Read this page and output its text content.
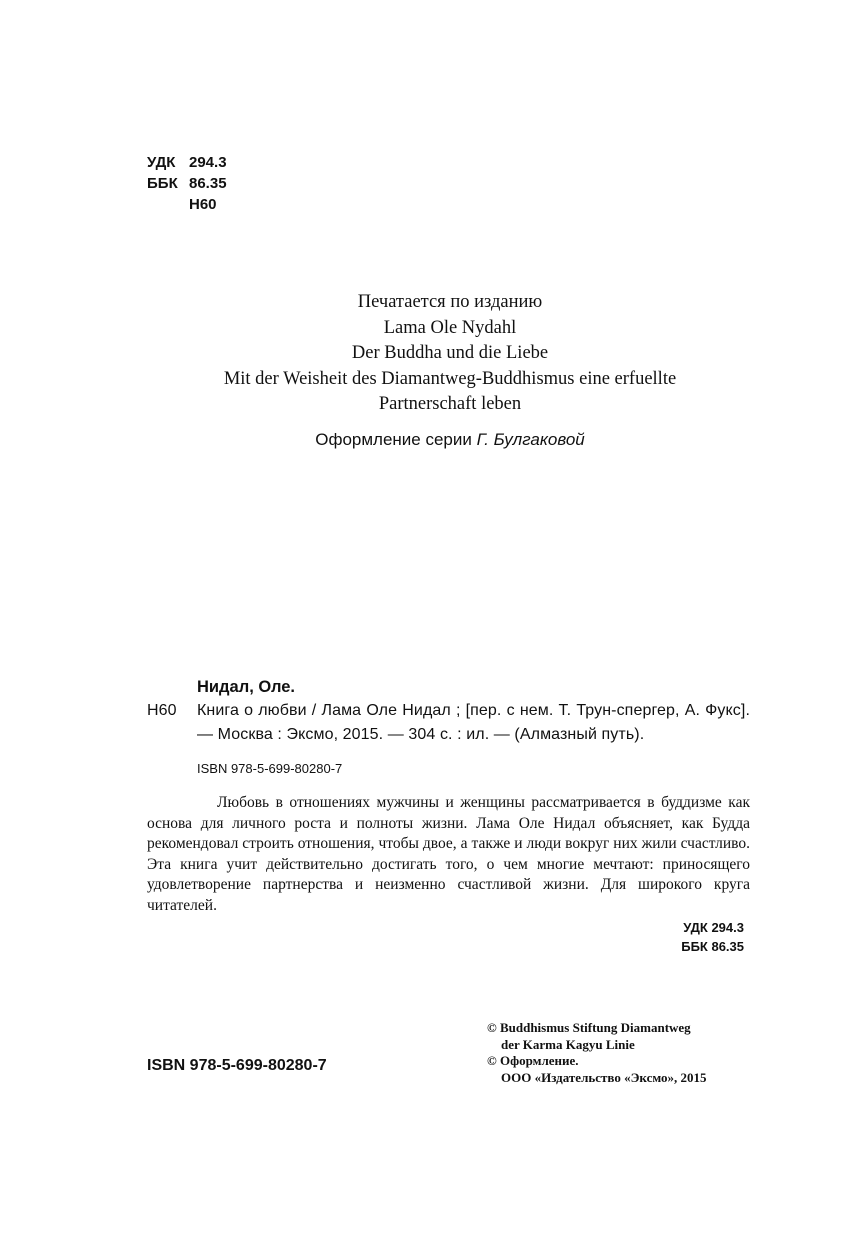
УДК 294.3
ББК 86.35
Н60

Печатается по изданию

Lama Ole Nydahl

Der Buddha und die Liebe

Mit der Weisheit des Diamantweg-Buddhismus eine erfuellte

Partnerschaft leben

Оформление серии Г. Булгаковой
Нидал, Оле.
Н60 Книга о любви / Лама Оле Нидал ; [пер. с нем. Т. Трун-спергер, А. Фукс]. — Москва : Эксмо, 2015. — 304 с. : ил. — (Алмазный путь).
ISBN 978-5-699-80280-7
Любовь в отношениях мужчины и женщины рассматривается в буддизме как основа для личного роста и полноты жизни. Лама Оле Нидал объясняет, как Будда рекомендовал строить отношения, чтобы двое, а также и люди вокруг них жили счастливо. Эта книга учит действительно достигать того, о чем многие мечтают: приносящего удовлетворение партнерства и неизменно счастливой жизни. Для широкого круга читателей.
УДК 294.3
ББК 86.35
ISBN 978-5-699-80280-7
© Buddhismus Stiftung Diamantweg
der Karma Kagyu Linie
© Оформление.
ООО «Издательство «Эксмо», 2015
